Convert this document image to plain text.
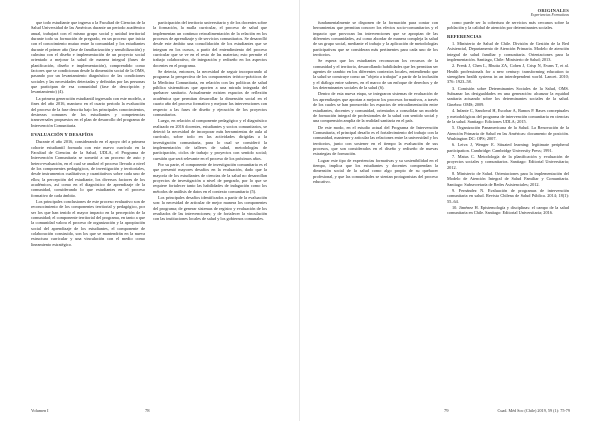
que todo estudiante que ingresa a la Facultad de Ciencias de la Salud Universidad de las Américas durante un periodo académico anual, trabajará con el mismo grupo social y unidad territorial durante todo su formación de pregrado, en un proceso que inicia con el conocimiento mutuo entre la comunidad y los estudiantes durante el primer año (fase de familiarización y sensibilización) y culmina con el diseño e implementación de un proyecto social orientado a mejorar la salud de manera integral (fases de planificación, diseño e implementación), comprendido como factores que se condicionan desde la dimensión social de la OMS, pasando por un levantamiento diagnóstico de las condiciones sociales y las necesidades detectadas y definidas por las personas que participan de esa comunidad (fase de descripción y levantamiento) (4).

La primera generación estudiantil ingresada con este modelo, a fines del año 2016, mantuvo en el cuarto periodo la evaluación del proceso de la fase descrita bajo los principales conocimientos, destrezas comunes de los estudiantes y competencias transversales propuestos en el plan de desarrollo del programa de Intervención Comunitaria.

EVALUACIÓN Y DESAFÍOS

Durante el año 2016, considerando en el apoyo del a primera cohorte estudiantil formada con este nuevo currículo en la Facultad de Ciencias de la Salud, UDLA, el Programa de Intervención Comunitaria se sometió a un proceso de auto y hetero-evaluación, en el cual se analizó el proceso llevado a nivel de los componentes pedagógicos, de investigación y territoriales, desde instrumentos cualitativos y cuantitativos sobre cada uno de ellos; la percepción del estudiante, los diversos factores de los académicos, así como en el diagnóstico de aprendizaje de la comunidad, considerando lo que estudiantes en el proceso formativo de cada ámbito.

Los principales conclusiones de este proceso evaluativo son de reconocimiento de los componentes territorial y pedagógico, por ser los que han tenido el mayor impacto en la percepción de la comunidad; el componente territorial del programa, en tanto a que la comunidad valora el proceso de organización y la apropiación social del aprendizaje de los estudiantes, el componente de colaboración construido, son los que se mantendrán en la nueva estructura curricular y una vinculación con el medio como lineamiento estratégico.

participación del territorio universitario y de los docentes sobre la formación, la malla curricular, el proceso de salud que implementan un continuo retroalimentación de la relación en los procesos de aprendizaje y de servicios comunitarios. Se desarrolló desde este ámbito una consolidación de los estudiantes que se integran en los cursos, a partir del entendimiento del proceso curricular que se ve en el resto de las materias; esto permite el trabajo colaborativo, de integración y rediseño en los aspectos docentes en el programa.

Se detecta, entonces, la necesidad de seguir incorporando al programa la perspectiva de los componentes teórico-prácticos de la Medicina Comunitaria, en relación con las políticas de salud pública sistemáticas que aporten a una mirada integrada del quehacer sanitario. Actualmente existen espacios de reflexión académica que permitan desarrollar la dimensión social en el cuarto año del proceso formativo y mejorar las intervenciones con respecto a las fases de diseño y ejecución de los proyectos comunitarios.

Luego, en relación al componente pedagógico y el diagnóstico realizado en 2016 docentes, estudiantes y socios comunitarios, se detectó la necesidad de incorporar más herramientas de aula al currículo, sobre todo en las actividades dirigidas a la investigación comunitaria, para lo cual se consideró la implementación de talleres de salud, metodologías de participación, ciclos de trabajo y proyectos con sentido social; cuestión que será relevante en el proceso de los próximos años.

Por su parte, el componente de investigación comunitaria es el que presentó mayores desafíos en la evaluación, dado que la mayoría de los estudiantes de ciencias de la salud no desarrollan proyectos de investigación a nivel de pregrado, por lo que se requiere fortalecer tanto las habilidades de indagación como los métodos de análisis de datos en el contexto comunitario (5).

Los principales desafíos identificados a partir de la evaluación son: la necesidad de articular de mejor manera los componentes del programa; de generar sistemas de registro y evaluación de los resultados de las intervenciones; y de fortalecer la vinculación con las instituciones locales de salud y los gobiernos comunales.

Volumen I	78
ORIGINALES
Experiencias Formativas

fundamentalmente se disponen de la formación para contar con herramientas que permitan conocer los efectos socio-comunitarios y el impacto que provocan las intervenciones que se apropian de las diferentes comunidades, así como abordar de manera compleja la salud de un grupo social, mediante el trabajo y la aplicación de metodologías participativas que se consideran más pertinentes para cada uno de los territorios.

Se espera que los estudiantes reconozcan los recursos de la comunidad y el territorio, desarrollando habilidades que les permitan ser agentes de cambio en los diferentes contextos locales, entendiendo que la salud se construye como un "objeto a trabajar" a partir de la inclusión y el diálogo entre saberes, en el marco de un enfoque de derechos y de los determinantes sociales de la salud (6).

Dentro de esta nueva etapa, se integraron sistemas de evaluación de los aprendizajes que aportan a mejorar los procesos formativos, a través de los cuales se han promovido los espacios de retroalimentación entre estudiantes, docentes y comunidad, orientados a consolidar un modelo de formación integral de profesionales de la salud con sentido social y una comprensión amplia de la realidad sanitaria en el país.

De este modo, en el estudio actual del Programa de Intervención Comunitaria, el principal desafío es el fortalecimiento del trabajo con la comunidad, mantener y articular las relaciones entre la universidad y los territorios, junto con sostener en el tiempo la evaluación de sus procesos, que son considerados en el diseño y rediseño de nuevas estrategias de formación.

Lograr este tipo de experiencias formativas y su sostenibilidad en el tiempo, implica que los estudiantes y docentes comprendan la dimensión social de la salud como algo propio de su quehacer profesional, y que las comunidades se sientan protagonistas del proceso educativo.

como puede ser la cobertura de servicios más cercanos sobre la población y la calidad de atención por determinantes sociales.

REFERENCIAS

1. Ministerio de Salud de Chile. División de Gestión de la Red Asistencial, Departamento de Atención Primaria. Modelo de atención integral de salud familiar y comunitaria. Orientaciones para la implementación. Santiago, Chile: Ministerio de Salud; 2013.

2. Frenk J, Chen L, Bhutta ZA, Cohen J, Crisp N, Evans T, et al. Health professionals for a new century: transforming education to strengthen health systems in an interdependent world. Lancet. 2010; 376: 1923–58.

3. Comisión sobre Determinantes Sociales de la Salud, OMS. Subsanar las desigualdades en una generación: alcanzar la equidad sanitaria actuando sobre los determinantes sociales de la salud. Ginebra: OMS; 2009.

4. Infante C, Sandoval H, Escobar A, Ramos P. Bases conceptuales y metodológicas del programa de intervención comunitaria en ciencias de la salud. Santiago: Ediciones UDLA; 2015.

5. Organización Panamericana de la Salud. La Renovación de la Atención Primaria de Salud en las Américas: documento de posición. Washington DC: OPS; 2007.

6. Leiva J, Wenger E. Situated learning: legitimate peripheral participation. Cambridge: Cambridge University Press; 1991.

7. Matus C. Metodología de la planificación y evaluación de proyectos sociales y comunitarios. Santiago: Editorial Universitaria; 2012.

8. Ministerio de Salud. Orientaciones para la implementación del Modelo de Atención Integral de Salud Familiar y Comunitaria. Santiago: Subsecretaría de Redes Asistenciales; 2012.

9. Fernández N. Evaluación de programas de intervención comunitaria en salud. Revista Chilena de Salud Pública. 2014; 18(1): 55–64.

10. Jiménez H. Epistemología y disciplinas: el campo de la salud comunitaria en Chile. Santiago: Editorial Universitaria; 2016.

79	Cuad. Méd Soc (Chile) 2019, 59 (1): 75-79
